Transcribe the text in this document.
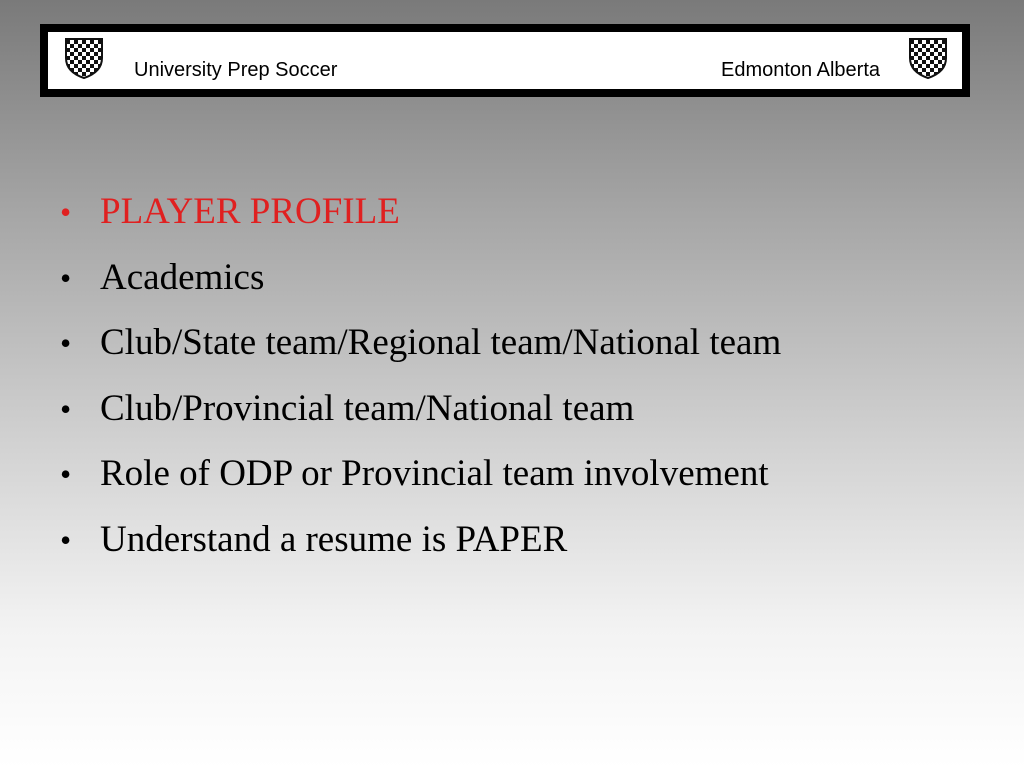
University Prep Soccer	Edmonton Alberta
• PLAYER PROFILE
• Academics
• Club/State team/Regional team/National team
• Club/Provincial team/National team
• Role of ODP or Provincial team involvement
• Understand a resume is PAPER
